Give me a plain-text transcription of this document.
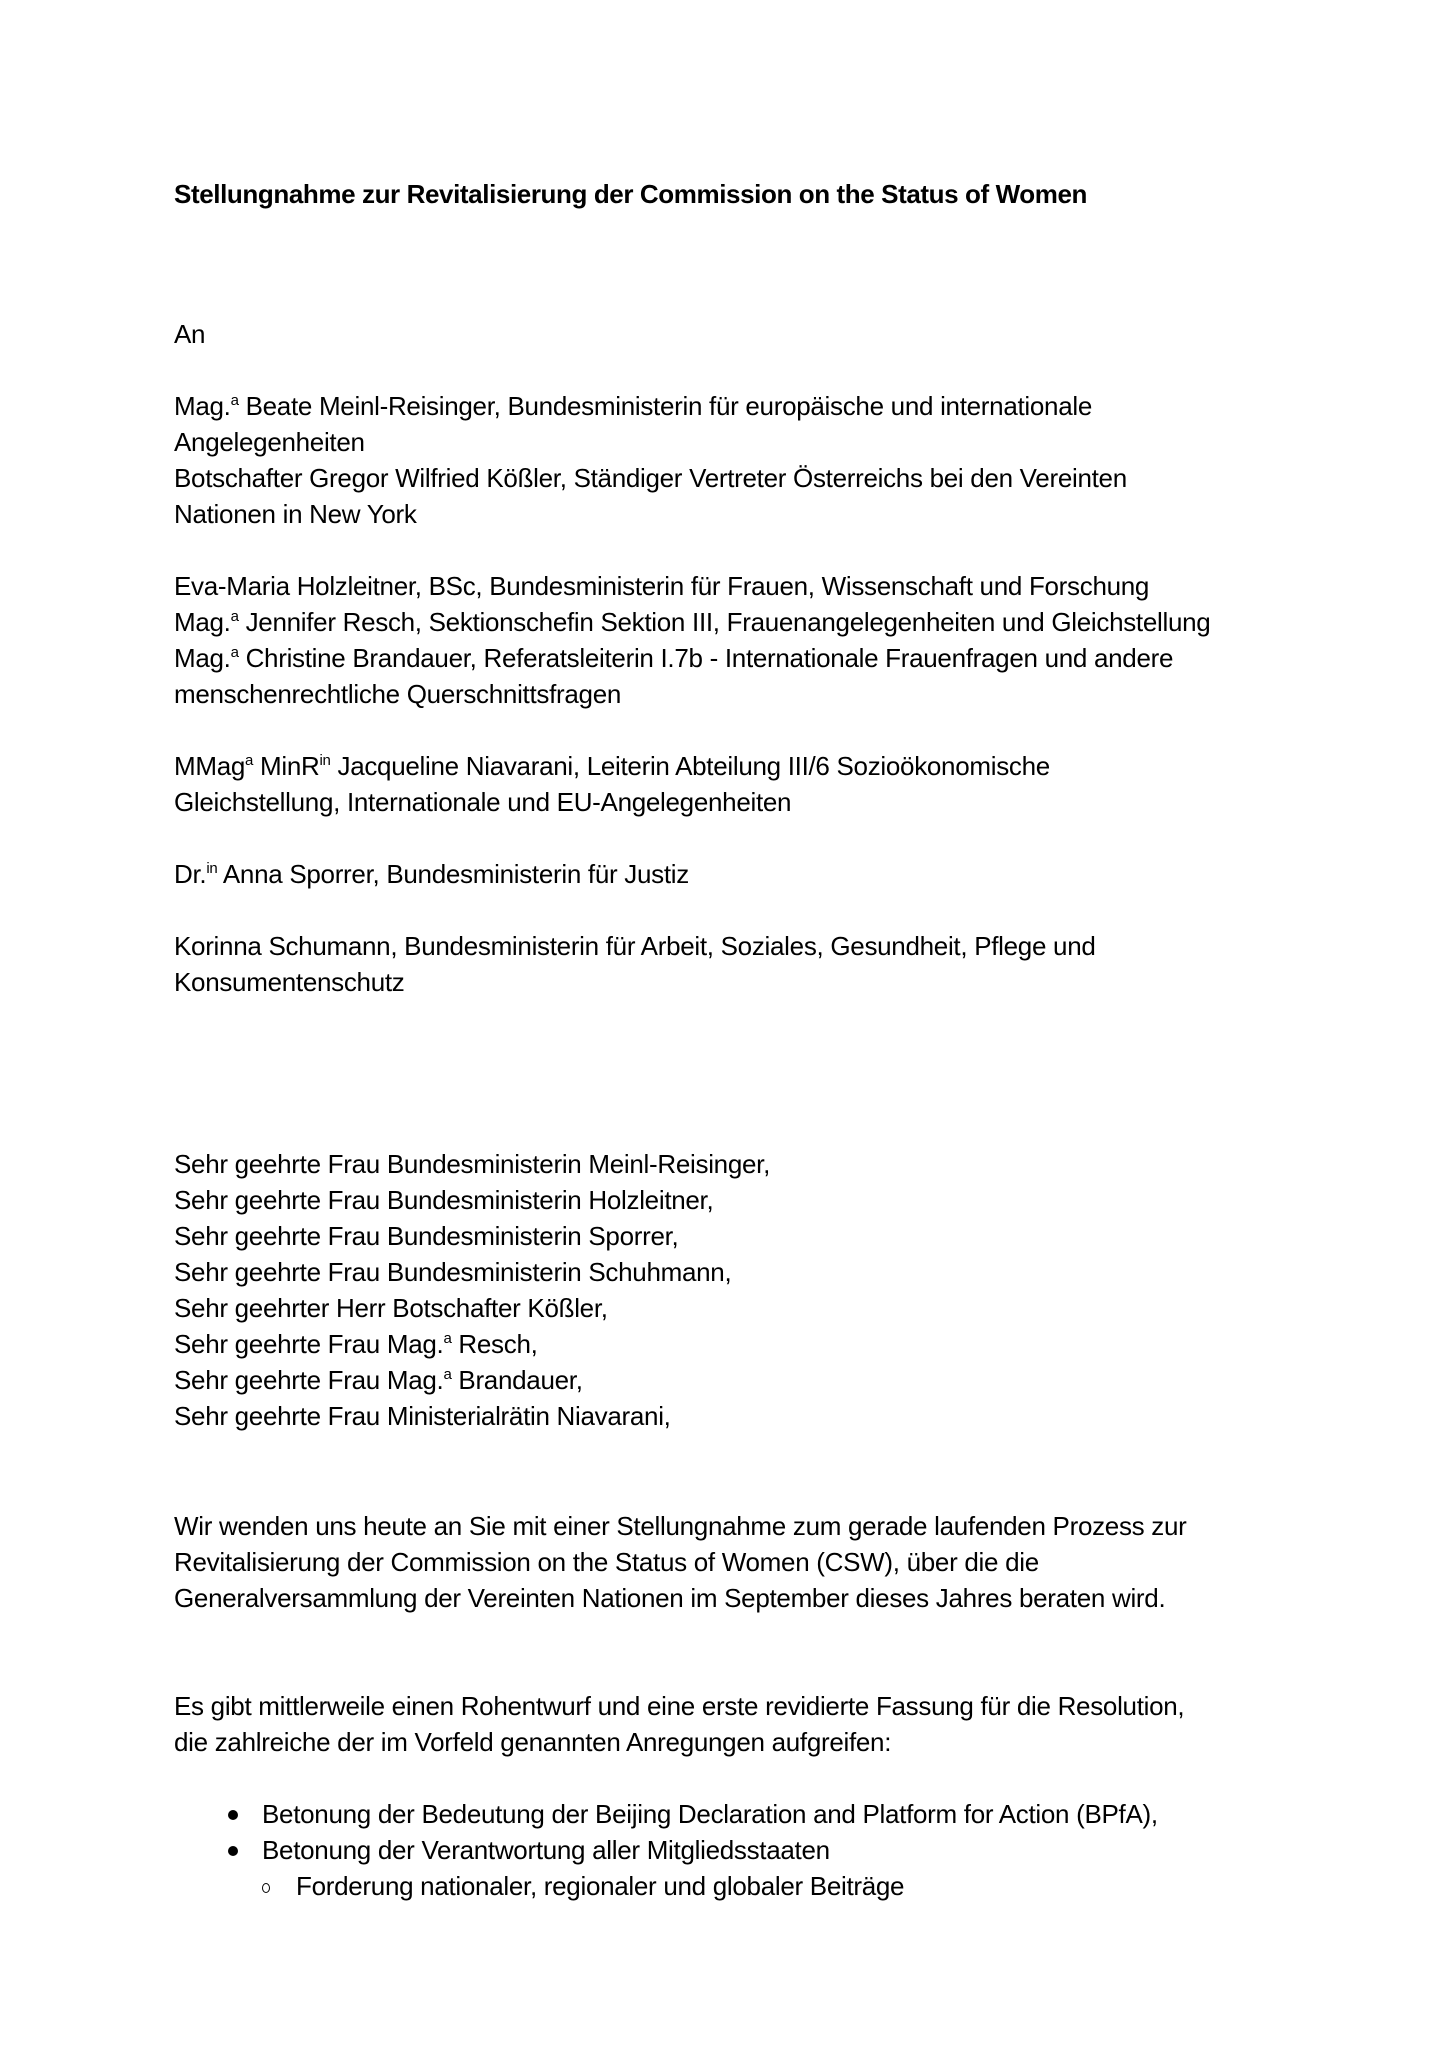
Stellungnahme zur Revitalisierung der Commission on the Status of Women
An
Mag.$^a$ Beate Meinl-Reisinger, Bundesministerin für europäische und internationale
Angelegenheiten
Botschafter Gregor Wilfried Kößler, Ständiger Vertreter Österreichs bei den Vereinten
Nationen in New York
Eva-Maria Holzleitner, BSc, Bundesministerin für Frauen, Wissenschaft und Forschung
Mag.$^a$ Jennifer Resch, Sektionschefin Sektion III, Frauenangelegenheiten und Gleichstellung
Mag.$^a$ Christine Brandauer, Referatsleiterin I.7b - Internationale Frauenfragen und andere
menschenrechtliche Querschnittsfragen
MMag$^a$ MinR$^{in}$ Jacqueline Niavarani, Leiterin Abteilung III/6 Sozioökonomische
Gleichstellung, Internationale und EU-Angelegenheiten
Dr.$^{in}$ Anna Sporrer, Bundesministerin für Justiz
Korinna Schumann, Bundesministerin für Arbeit, Soziales, Gesundheit, Pflege und
Konsumentenschutz
Sehr geehrte Frau Bundesministerin Meinl-Reisinger,
Sehr geehrte Frau Bundesministerin Holzleitner,
Sehr geehrte Frau Bundesministerin Sporrer,
Sehr geehrte Frau Bundesministerin Schuhmann,
Sehr geehrter Herr Botschafter Kößler,
Sehr geehrte Frau Mag.$^a$ Resch,
Sehr geehrte Frau Mag.$^a$ Brandauer,
Sehr geehrte Frau Ministerialrätin Niavarani,
Wir wenden uns heute an Sie mit einer Stellungnahme zum gerade laufenden Prozess zur
Revitalisierung der Commission on the Status of Women (CSW), über die die
Generalversammlung der Vereinten Nationen im September dieses Jahres beraten wird.
Es gibt mittlerweile einen Rohentwurf und eine erste revidierte Fassung für die Resolution,
die zahlreiche der im Vorfeld genannten Anregungen aufgreifen:
Betonung der Bedeutung der Beijing Declaration and Platform for Action (BPfA),
Betonung der Verantwortung aller Mitgliedsstaaten
Forderung nationaler, regionaler und globaler Beiträge
